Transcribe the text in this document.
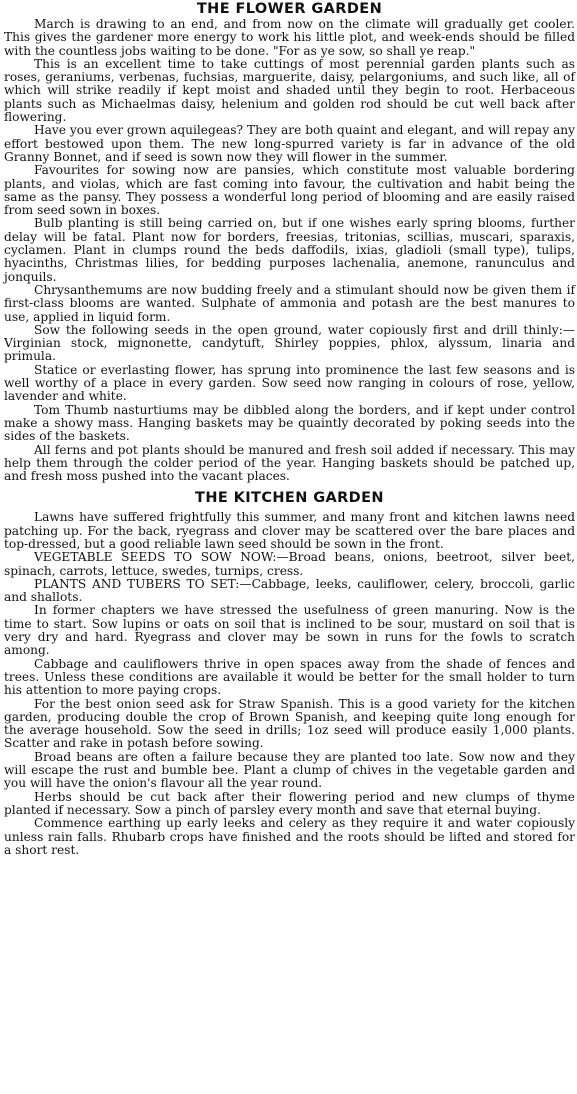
THE FLOWER GARDEN

March is drawing to an end, and from now on the climate will gradually get cooler. This gives the gardener more energy to work his little plot, and week-ends should be filled with the countless jobs waiting to be done. "For as ye sow, so shall ye reap."

This is an excellent time to take cuttings of most perennial garden plants such as roses, geraniums, verbenas, fuchsias, marguerite, daisy, pelargoniums, and such like, all of which will strike readily if kept moist and shaded until they begin to root. Herbaceous plants such as Michaelmas daisy, helenium and golden rod should be cut well back after flowering.

Have you ever grown aquilegeas? They are both quaint and elegant, and will repay any effort bestowed upon them. The new long-spurred variety is far in advance of the old Granny Bonnet, and if seed is sown now they will flower in the summer.

Favourites for sowing now are pansies, which constitute most valuable bordering plants, and violas, which are fast coming into favour, the cultivation and habit being the same as the pansy. They possess a wonderful long period of blooming and are easily raised from seed sown in boxes.

Bulb planting is still being carried on, but if one wishes early spring blooms, further delay will be fatal. Plant now for borders, freesias, tritonias, scillias, muscari, sparaxis, cyclamen. Plant in clumps round the beds daffodils, ixias, gladioli (small type), tulips, hyacinths, Christmas lilies, for bedding purposes lachenalia, anemone, ranunculus and jonquils.

Chrysanthemums are now budding freely and a stimulant should now be given them if first-class blooms are wanted. Sulphate of ammonia and potash are the best manures to use, applied in liquid form.

Sow the following seeds in the open ground, water copiously first and drill thinly:—Virginian stock, mignonette, candytuft, Shirley poppies, phlox, alyssum, linaria and primula.

Statice or everlasting flower, has sprung into prominence the last few seasons and is well worthy of a place in every garden. Sow seed now ranging in colours of rose, yellow, lavender and white.

Tom Thumb nasturtiums may be dibbled along the borders, and if kept under control make a showy mass. Hanging baskets may be quaintly decorated by poking seeds into the sides of the baskets.

All ferns and pot plants should be manured and fresh soil added if necessary. This may help them through the colder period of the year. Hanging baskets should be patched up, and fresh moss pushed into the vacant places.

THE KITCHEN GARDEN

Lawns have suffered frightfully this summer, and many front and kitchen lawns need patching up. For the back, ryegrass and clover may be scattered over the bare places and top-dressed, but a good reliable lawn seed should be sown in the front.

VEGETABLE SEEDS TO SOW NOW:—Broad beans, onions, beetroot, silver beet, spinach, carrots, lettuce, swedes, turnips, cress.

PLANTS AND TUBERS TO SET:—Cabbage, leeks, cauliflower, celery, broccoli, garlic and shallots.

In former chapters we have stressed the usefulness of green manuring. Now is the time to start. Sow lupins or oats on soil that is inclined to be sour, mustard on soil that is very dry and hard. Ryegrass and clover may be sown in runs for the fowls to scratch among.

Cabbage and cauliflowers thrive in open spaces away from the shade of fences and trees. Unless these conditions are available it would be better for the small holder to turn his attention to more paying crops.

For the best onion seed ask for Straw Spanish. This is a good variety for the kitchen garden, producing double the crop of Brown Spanish, and keeping quite long enough for the average household. Sow the seed in drills; 1oz seed will produce easily 1,000 plants. Scatter and rake in potash before sowing.

Broad beans are often a failure because they are planted too late. Sow now and they will escape the rust and bumble bee. Plant a clump of chives in the vegetable garden and you will have the onion's flavour all the year round.

Herbs should be cut back after their flowering period and new clumps of thyme planted if necessary. Sow a pinch of parsley every month and save that eternal buying.

Commence earthing up early leeks and celery as they require it and water copiously unless rain falls. Rhubarb crops have finished and the roots should be lifted and stored for a short rest.
